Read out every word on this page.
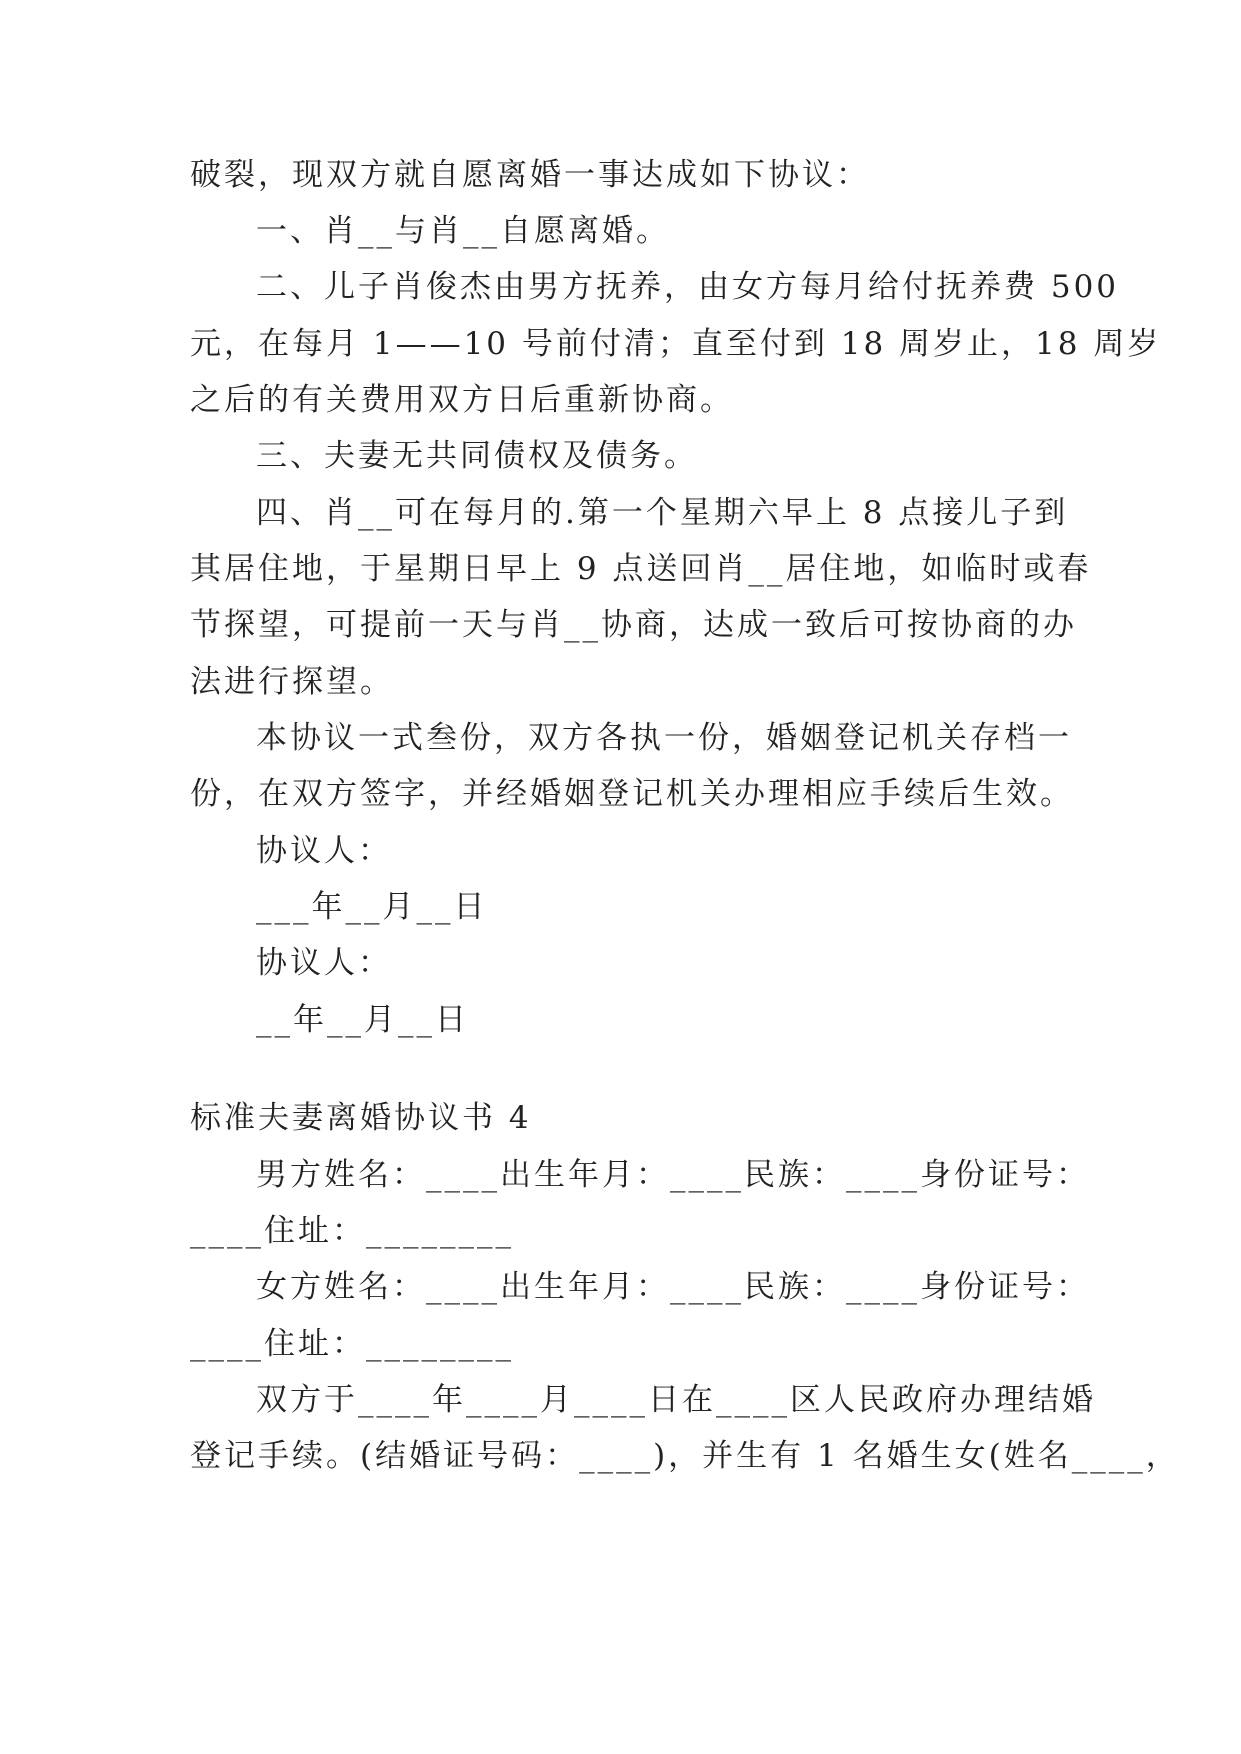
破裂，现双方就自愿离婚一事达成如下协议：
一、肖__与肖__自愿离婚。
二、儿子肖俊杰由男方抚养，由女方每月给付抚养费 500
元，在每月 1——10 号前付清；直至付到 18 周岁止，18 周岁
之后的有关费用双方日后重新协商。
三、夫妻无共同债权及债务。
四、肖__可在每月的.第一个星期六早上 8 点接儿子到
其居住地，于星期日早上 9 点送回肖__居住地，如临时或春
节探望，可提前一天与肖__协商，达成一致后可按协商的办
法进行探望。
本协议一式叁份，双方各执一份，婚姻登记机关存档一
份，在双方签字，并经婚姻登记机关办理相应手续后生效。
协议人：
___年__月__日
协议人：
__年__月__日
标准夫妻离婚协议书 4
男方姓名：____出生年月：____民族：____身份证号：
____住址：________
女方姓名：____出生年月：____民族：____身份证号：
____住址：________
双方于____年____月____日在____区人民政府办理结婚
登记手续。(结婚证号码：____)，并生有 1 名婚生女(姓名____，
